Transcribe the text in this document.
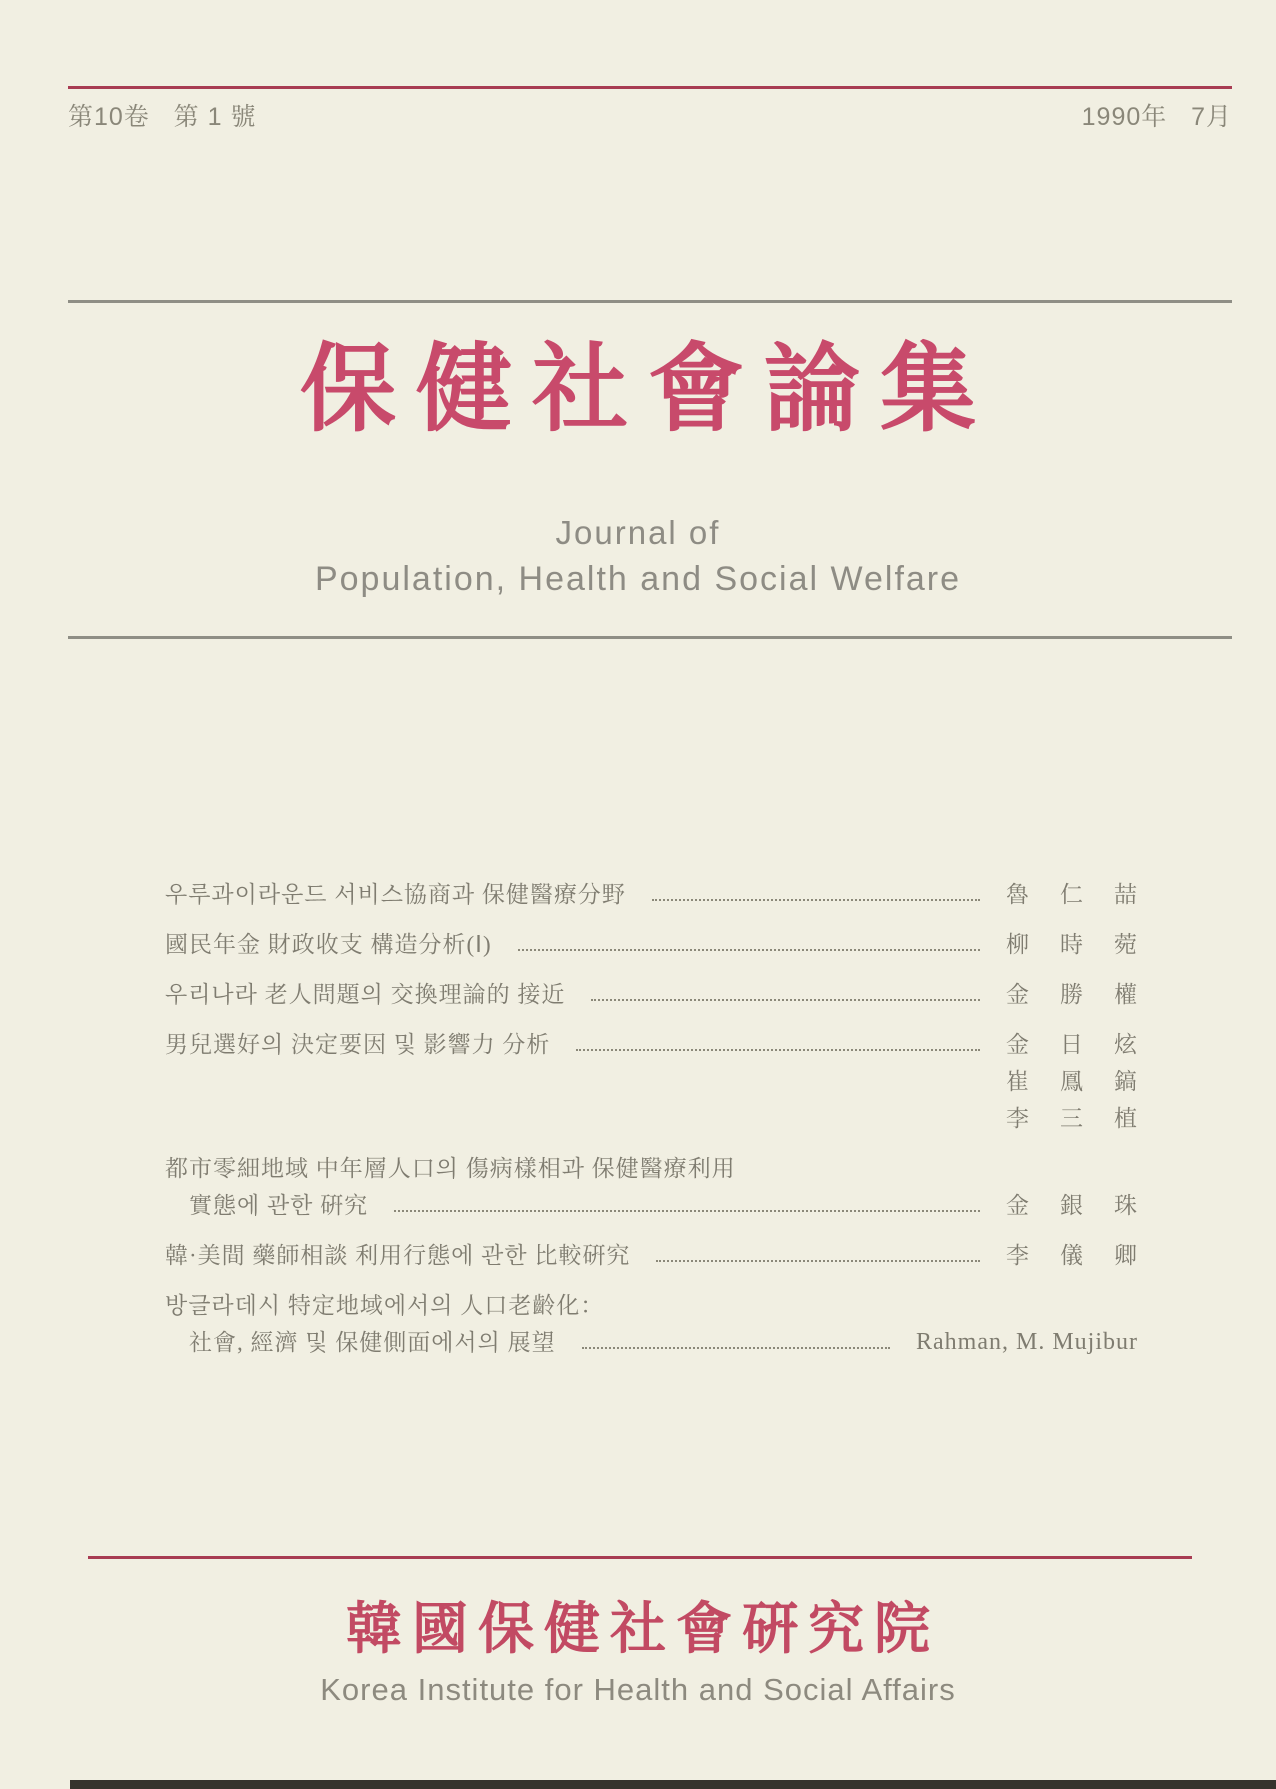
第10卷   第 1 號	1990年   7月
保健社會論集
Journal of
Population, Health and Social Welfare
우루과이라운드 서비스協商과 保健醫療分野	魯 仁 喆
國民年金 財政收支 構造分析(Ⅰ)	柳 時 菀
우리나라 老人問題의 交換理論的 接近	金 勝 權
男兒選好의 決定要因 및 影響力 分析	金 日 炫
崔 鳳 鎬
李 三 植
都市零細地域 中年層人口의 傷病樣相과 保健醫療利用
實態에 관한 硏究	金 銀 珠
韓·美間 藥師相談 利用行態에 관한 比較硏究	李 儀 卿
방글라데시 特定地域에서의 人口老齡化：
社會, 經濟 및 保健側面에서의 展望	Rahman, M. Mujibur
韓國保健社會硏究院
Korea Institute for Health and Social Affairs
